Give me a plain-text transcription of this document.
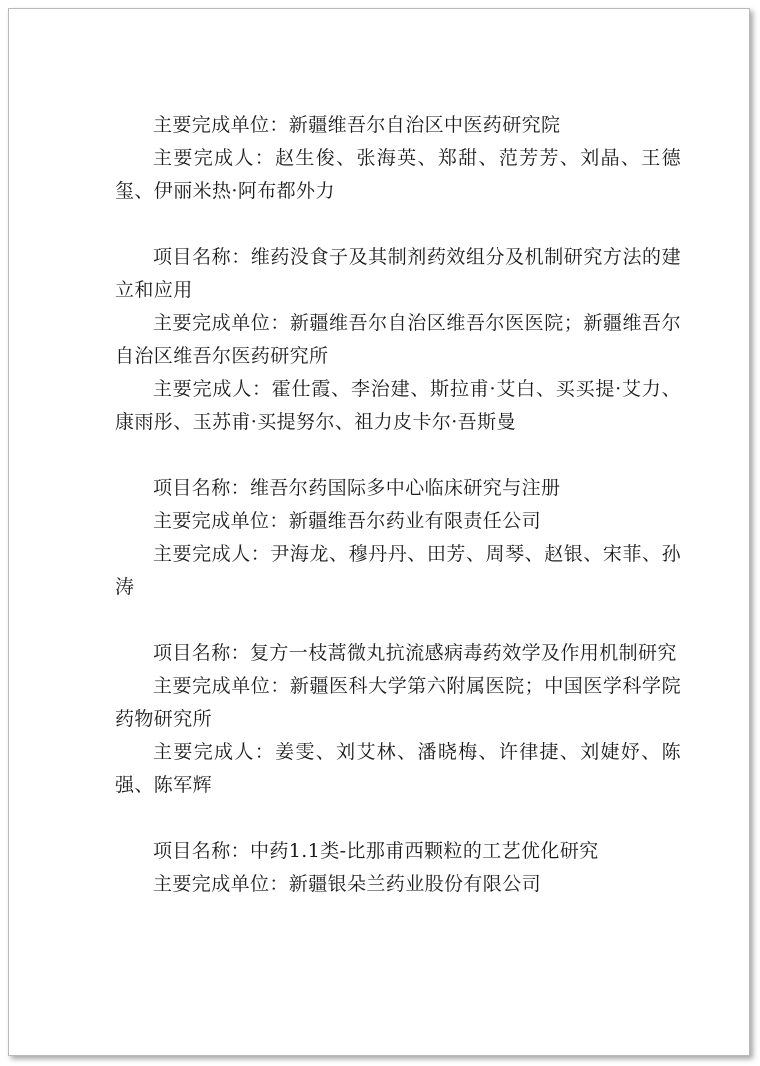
主要完成单位：新疆维吾尔自治区中医药研究院

主要完成人：赵生俊、张海英、郑甜、范芳芳、刘晶、王德玺、伊丽米热·阿布都外力

项目名称：维药没食子及其制剂药效组分及机制研究方法的建立和应用

主要完成单位：新疆维吾尔自治区维吾尔医医院；新疆维吾尔自治区维吾尔医药研究所

主要完成人：霍仕霞、李治建、斯拉甫·艾白、买买提·艾力、康雨彤、玉苏甫·买提努尔、祖力皮卡尔·吾斯曼

项目名称：维吾尔药国际多中心临床研究与注册

主要完成单位：新疆维吾尔药业有限责任公司

主要完成人：尹海龙、穆丹丹、田芳、周琴、赵银、宋菲、孙涛

项目名称：复方一枝蒿微丸抗流感病毒药效学及作用机制研究

主要完成单位：新疆医科大学第六附属医院；中国医学科学院药物研究所

主要完成人：姜雯、刘艾林、潘晓梅、许律捷、刘婕妤、陈强、陈军辉

项目名称：中药1.1类-比那甫西颗粒的工艺优化研究

主要完成单位：新疆银朵兰药业股份有限公司
